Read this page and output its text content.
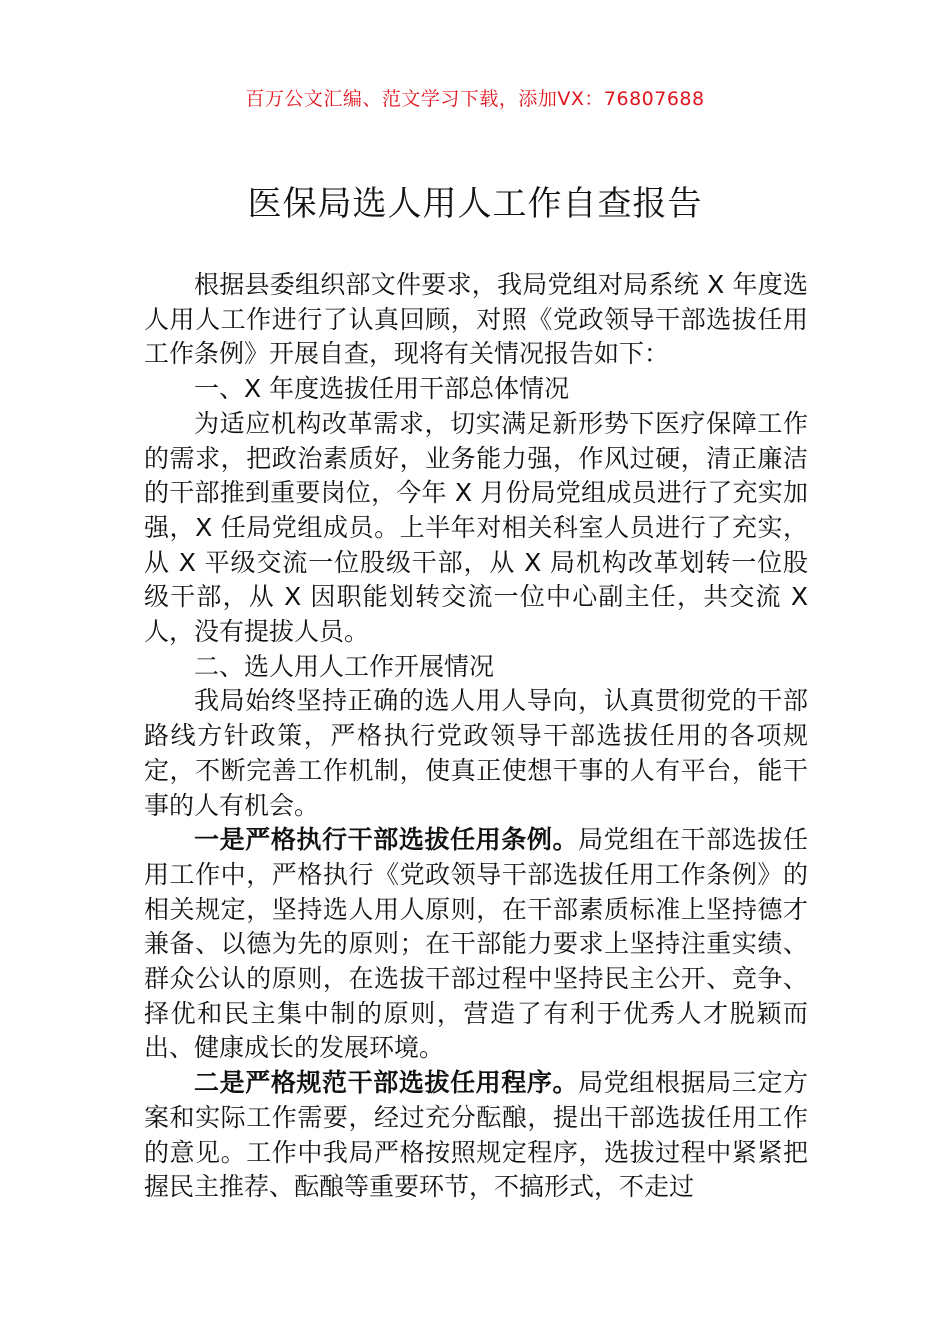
百万公文汇编、范文学习下载，添加VX：76807688
医保局选人用人工作自查报告

根据县委组织部文件要求，我局党组对局系统 X 年度选人用人工作进行了认真回顾，对照《党政领导干部选拔任用工作条例》开展自查，现将有关情况报告如下：

一、X 年度选拔任用干部总体情况

为适应机构改革需求，切实满足新形势下医疗保障工作的需求，把政治素质好，业务能力强，作风过硬，清正廉洁的干部推到重要岗位，今年 X 月份局党组成员进行了充实加强，X 任局党组成员。上半年对相关科室人员进行了充实，从 X 平级交流一位股级干部，从 X 局机构改革划转一位股级干部，从 X 因职能划转交流一位中心副主任，共交流 X 人，没有提拔人员。

二、选人用人工作开展情况

我局始终坚持正确的选人用人导向，认真贯彻党的干部路线方针政策，严格执行党政领导干部选拔任用的各项规定，不断完善工作机制，使真正使想干事的人有平台，能干事的人有机会。

一是严格执行干部选拔任用条例。局党组在干部选拔任用工作中，严格执行《党政领导干部选拔任用工作条例》的相关规定，坚持选人用人原则，在干部素质标准上坚持德才兼备、以德为先的原则；在干部能力要求上坚持注重实绩、群众公认的原则，在选拔干部过程中坚持民主公开、竞争、择优和民主集中制的原则，营造了有利于优秀人才脱颖而出、健康成长的发展环境。

二是严格规范干部选拔任用程序。局党组根据局三定方案和实际工作需要，经过充分酝酿，提出干部选拔任用工作的意见。工作中我局严格按照规定程序，选拔过程中紧紧把握民主推荐、酝酿等重要环节，不搞形式，不走过
